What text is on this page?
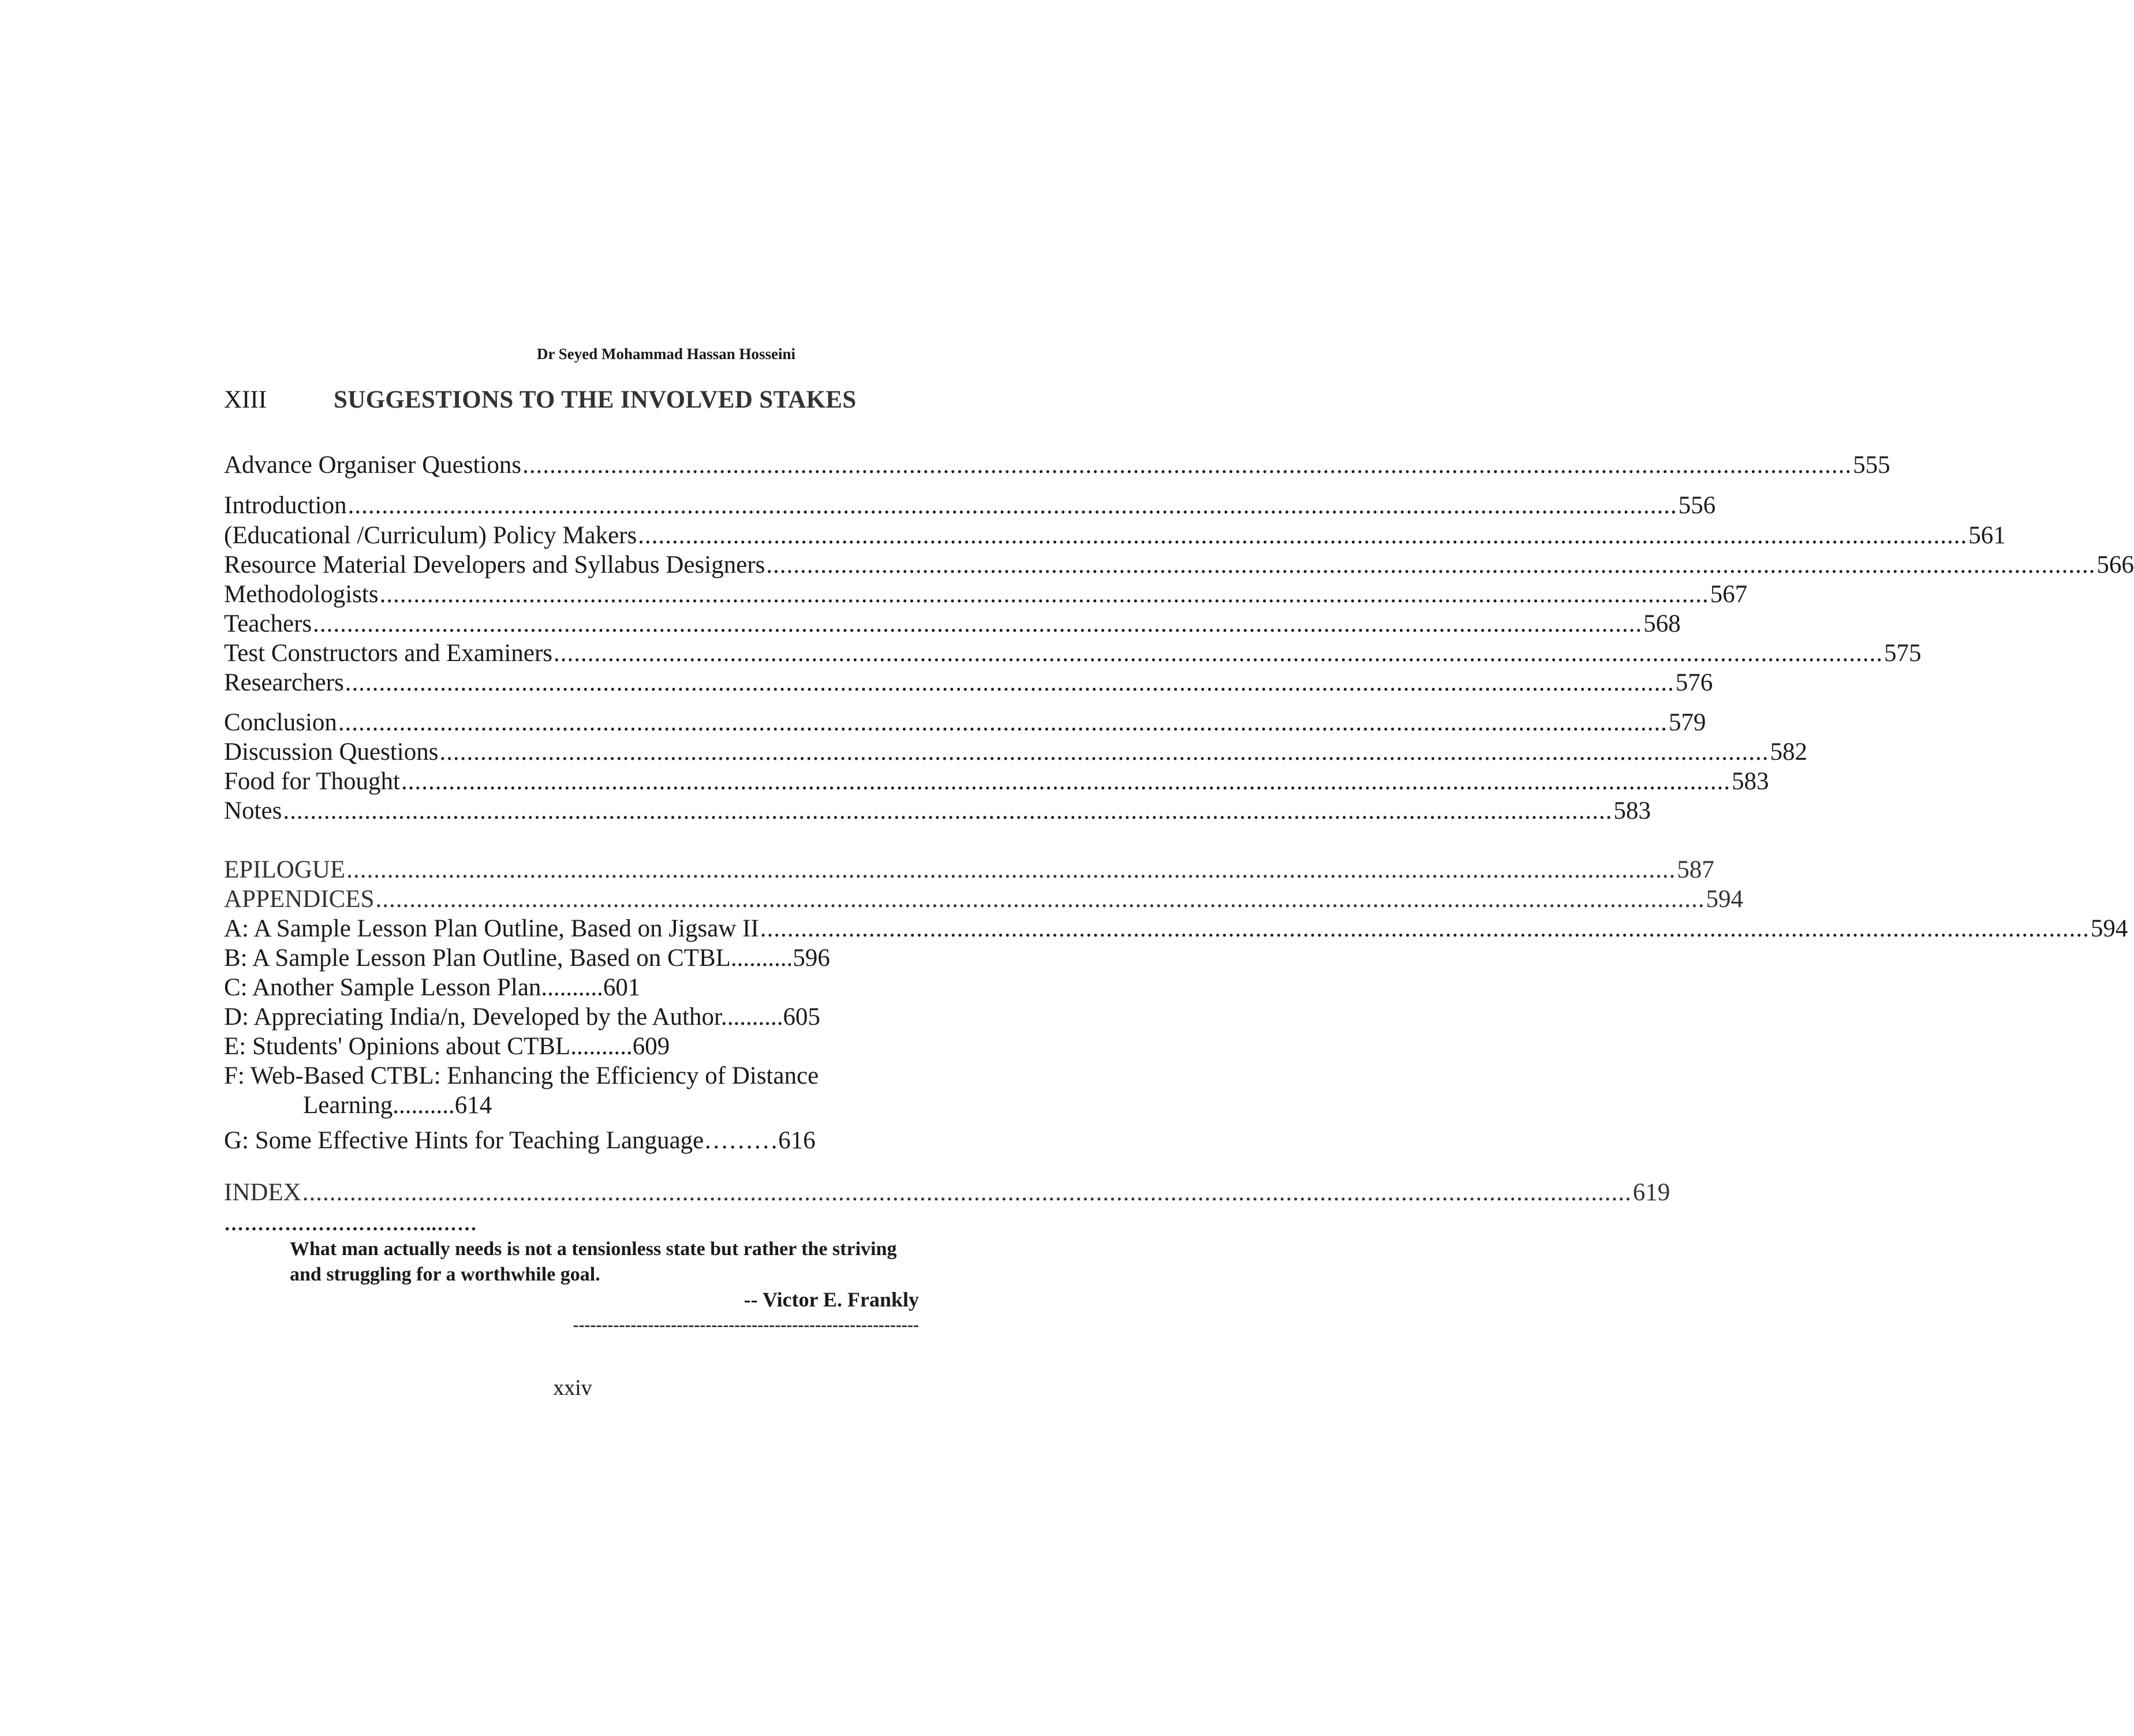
Dr Seyed Mohammad Hassan Hosseini
XIII	SUGGESTIONS TO THE INVOLVED STAKES
Advance Organiser Questions .................................................................................................................................................................................................... 555
Introduction .................................................................................................................................................................................................... 556
(Educational /Curriculum) Policy Makers .................................................................................................................................................................................................... 561
Resource Material Developers and Syllabus Designers .................................................................................................................................................................................................... 566
Methodologists .................................................................................................................................................................................................... 567
Teachers .................................................................................................................................................................................................... 568
Test Constructors and Examiners .................................................................................................................................................................................................... 575
Researchers .................................................................................................................................................................................................... 576
Conclusion .................................................................................................................................................................................................... 579
Discussion Questions .................................................................................................................................................................................................... 582
Food for Thought .................................................................................................................................................................................................... 583
Notes .................................................................................................................................................................................................... 583
EPILOGUE .................................................................................................................................................................................................... 587
APPENDICES .................................................................................................................................................................................................... 594
A: A Sample Lesson Plan Outline, Based on Jigsaw II .................................................................................................................................................................................................... 594
B: A Sample Lesson Plan Outline, Based on CTBL..........596
C: Another Sample Lesson Plan..........601
D: Appreciating India/n, Developed by the Author..........605
E: Students' Opinions about CTBL..........609
F: Web-Based CTBL: Enhancing the Efficiency of Distance
Learning..........614
G: Some Effective Hints for Teaching Language………616
INDEX .................................................................................................................................................................................................... 619
…………………………..……
What man actually needs is not a tensionless state but rather the striving and struggling for a worthwhile goal.
-- Victor E. Frankly
------------------------------------------------------------
xxiv
